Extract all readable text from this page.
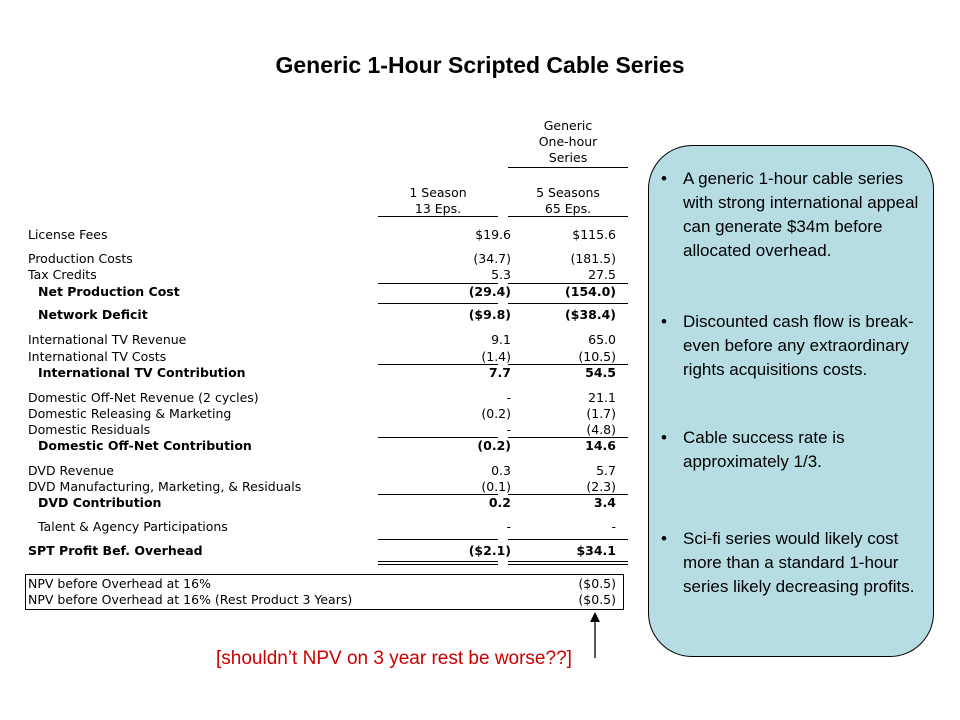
Generic 1-Hour Scripted Cable Series
Generic
One-hour
Series
1 Season
13 Eps.
5 Seasons
65 Eps.
License Fees	$19.6	$115.6
Production Costs	(34.7)	(181.5)
Tax Credits	5.3	27.5
Net Production Cost	(29.4)	(154.0)
Network Deficit	($9.8)	($38.4)
International TV Revenue	9.1	65.0
International TV Costs	(1.4)	(10.5)
International TV Contribution	7.7	54.5
Domestic Off-Net Revenue (2 cycles)	-	21.1
Domestic Releasing & Marketing	(0.2)	(1.7)
Domestic Residuals	-	(4.8)
Domestic Off-Net Contribution	(0.2)	14.6
DVD Revenue	0.3	5.7
DVD Manufacturing, Marketing, & Residuals	(0.1)	(2.3)
DVD Contribution	0.2	3.4
Talent & Agency Participations	-	-
SPT Profit Bef. Overhead	($2.1)	$34.1
NPV before Overhead at 16%	($0.5)
NPV before Overhead at 16% (Rest Product 3 Years)	($0.5)
• A generic 1-hour cable series with strong international appeal can generate $34m before allocated overhead.
• Discounted cash flow is break-even before any extraordinary rights acquisitions costs.
• Cable success rate is approximately 1/3.
• Sci-fi series would likely cost more than a standard 1-hour series likely decreasing profits.
[shouldn’t NPV on 3 year rest be worse??]
